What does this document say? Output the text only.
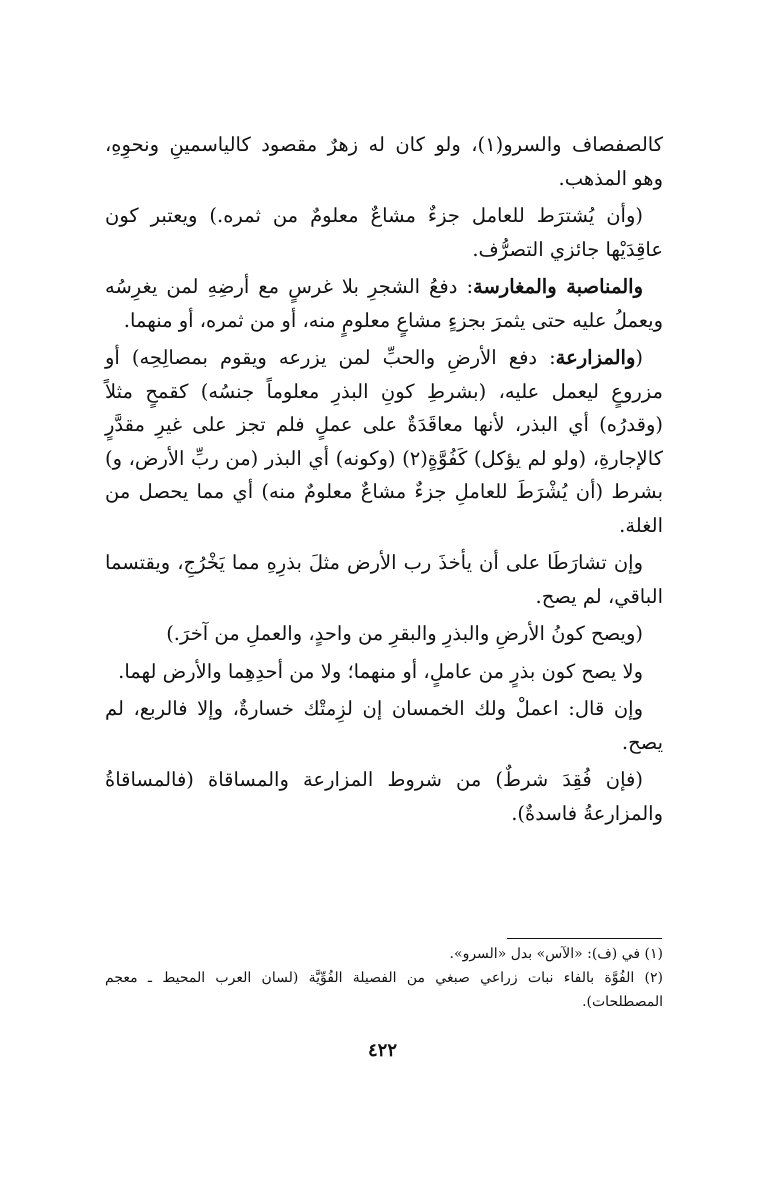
كالصفصاف والسرو(١)، ولو كان له زهرٌ مقصود كالياسمينِ ونحوِهِ، وهو المذهب.

(وأن يُشترَط للعامل جزءٌ مشاعٌ معلومٌ من ثمره.) ويعتبر كون عاقِدَيْها جائزي التصرُّف.

والمناصبة والمغارسة: دفعُ الشجرِ بلا غرسٍ مع أرضِهِ لمن يغرِسُه ويعملُ عليه حتى يثمرَ بجزءٍ مشاعٍ معلومٍ منه، أو من ثمره، أو منهما.

(والمزارعة: دفع الأرضِ والحبِّ لمن يزرعه ويقوم بمصالِحِه) أو مزروعٍ ليعمل عليه، (بشرطِ كونِ البذرِ معلوماً جنسُه) كقمحٍ مثلاً (وقدرُه) أي البذر، لأنها معاقَدَةٌ على عملٍ فلم تجز على غيرِ مقدَّرٍ كالإجارةِ، (ولو لم يؤكل) كَفُوَّةٍ(٢) (وكونه) أي البذر (من ربِّ الأرض، و) بشرط (أن يُشْرَطَ للعاملِ جزءٌ مشاعٌ معلومٌ منه) أي مما يحصل من الغلة.

وإن تشارَطَا على أن يأخذَ رب الأرض مثلَ بذرِهِ مما يَخْرُجِ، ويقتسما الباقي، لم يصح.

(ويصح كونُ الأرضِ والبذرِ والبقرِ من واحدٍ، والعملِ من آخرَ.)

ولا يصح كون بذرٍ من عاملٍ، أو منهما؛ ولا من أحدِهِما والأرض لهما.

وإن قال: اعملْ ولك الخمسان إن لزِمتْك خسارةٌ، وإلا فالربع، لم يصح.

(فإن فُقِدَ شرطٌ) من شروط المزارعة والمساقاة (فالمساقاةُ والمزارعةُ فاسدةٌ).

(١) في (ف): «الآس» بدل «السرو».

(٢) الفُوَّة بالفاء نبات زراعي صبغي من الفصيلة الفُوِّيَّة (لسان العرب المحيط ـ معجم المصطلحات).

٤٢٢
